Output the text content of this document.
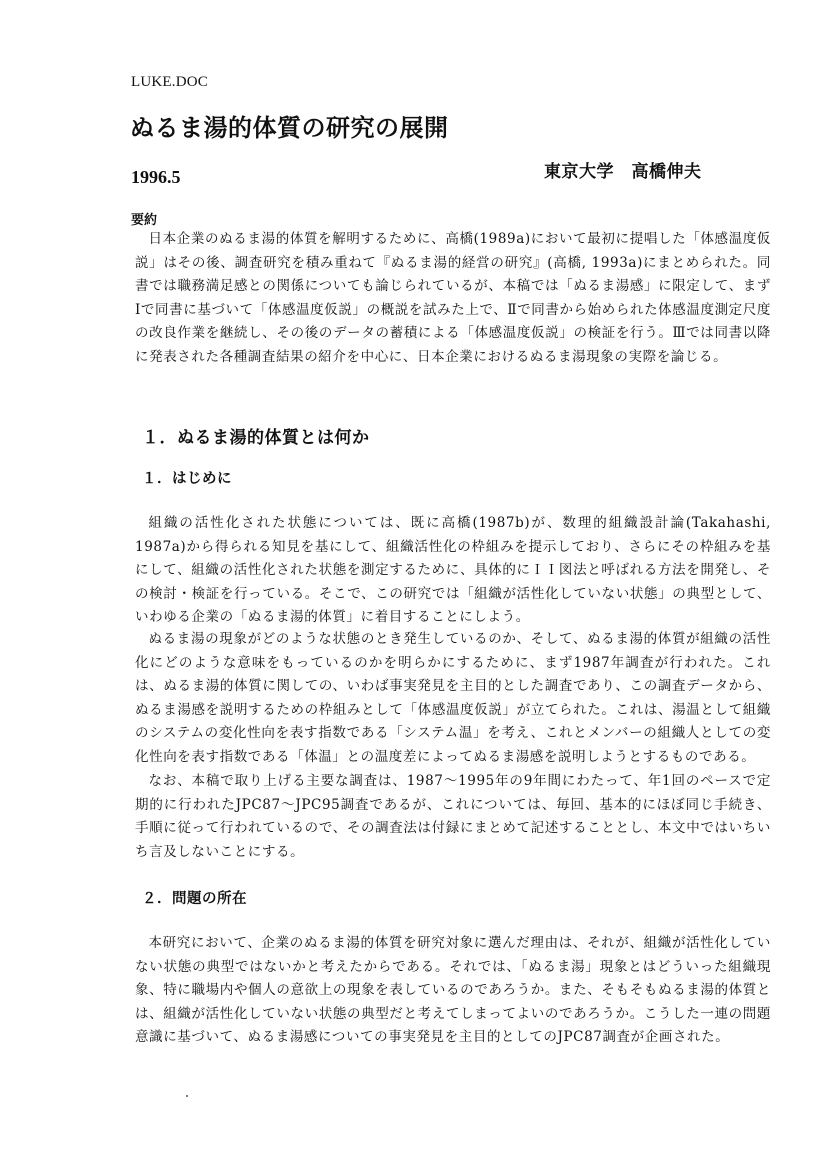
LUKE.DOC
ぬるま湯的体質の研究の展開
1996.5	東京大学　高橋伸夫
要約

日本企業のぬるま湯的体質を解明するために、高橋(1989a)において最初に提唱した「体感温度仮説」はその後、調査研究を積み重ねて『ぬるま湯的経営の研究』(高橋, 1993a)にまとめられた。同書では職務満足感との関係についても論じられているが、本稿では「ぬるま湯感」に限定して、まずⅠで同書に基づいて「体感温度仮説」の概説を試みた上で、Ⅱで同書から始められた体感温度測定尺度の改良作業を継続し、その後のデータの蓄積による「体感温度仮説」の検証を行う。Ⅲでは同書以降に発表された各種調査結果の紹介を中心に、日本企業におけるぬるま湯現象の実際を論じる。

１．ぬるま湯的体質とは何か
１．はじめに

組織の活性化された状態については、既に高橋(1987b)が、数理的組織設計論(Takahashi, 1987a)から得られる知見を基にして、組織活性化の枠組みを提示しており、さらにその枠組みを基にして、組織の活性化された状態を測定するために、具体的にＩＩ図法と呼ばれる方法を開発し、その検討・検証を行っている。そこで、この研究では「組織が活性化していない状態」の典型として、いわゆる企業の「ぬるま湯的体質」に着目することにしよう。

ぬるま湯の現象がどのような状態のとき発生しているのか、そして、ぬるま湯的体質が組織の活性化にどのような意味をもっているのかを明らかにするために、まず1987年調査が行われた。これは、ぬるま湯的体質に関しての、いわば事実発見を主目的とした調査であり、この調査データから、ぬるま湯感を説明するための枠組みとして「体感温度仮説」が立てられた。これは、湯温として組織のシステムの変化性向を表す指数である「システム温」を考え、これとメンバーの組織人としての変化性向を表す指数である「体温」との温度差によってぬるま湯感を説明しようとするものである。

なお、本稿で取り上げる主要な調査は、1987〜1995年の9年間にわたって、年1回のペースで定期的に行われたJPC87〜JPC95調査であるが、これについては、毎回、基本的にほぼ同じ手続き、手順に従って行われているので、その調査法は付録にまとめて記述することとし、本文中ではいちいち言及しないことにする。

２．問題の所在

本研究において、企業のぬるま湯的体質を研究対象に選んだ理由は、それが、組織が活性化していない状態の典型ではないかと考えたからである。それでは、「ぬるま湯」現象とはどういった組織現象、特に職場内や個人の意欲上の現象を表しているのであろうか。また、そもそもぬるま湯的体質とは、組織が活性化していない状態の典型だと考えてしまってよいのであろうか。こうした一連の問題意識に基づいて、ぬるま湯感についての事実発見を主目的としてのJPC87調査が企画された。
